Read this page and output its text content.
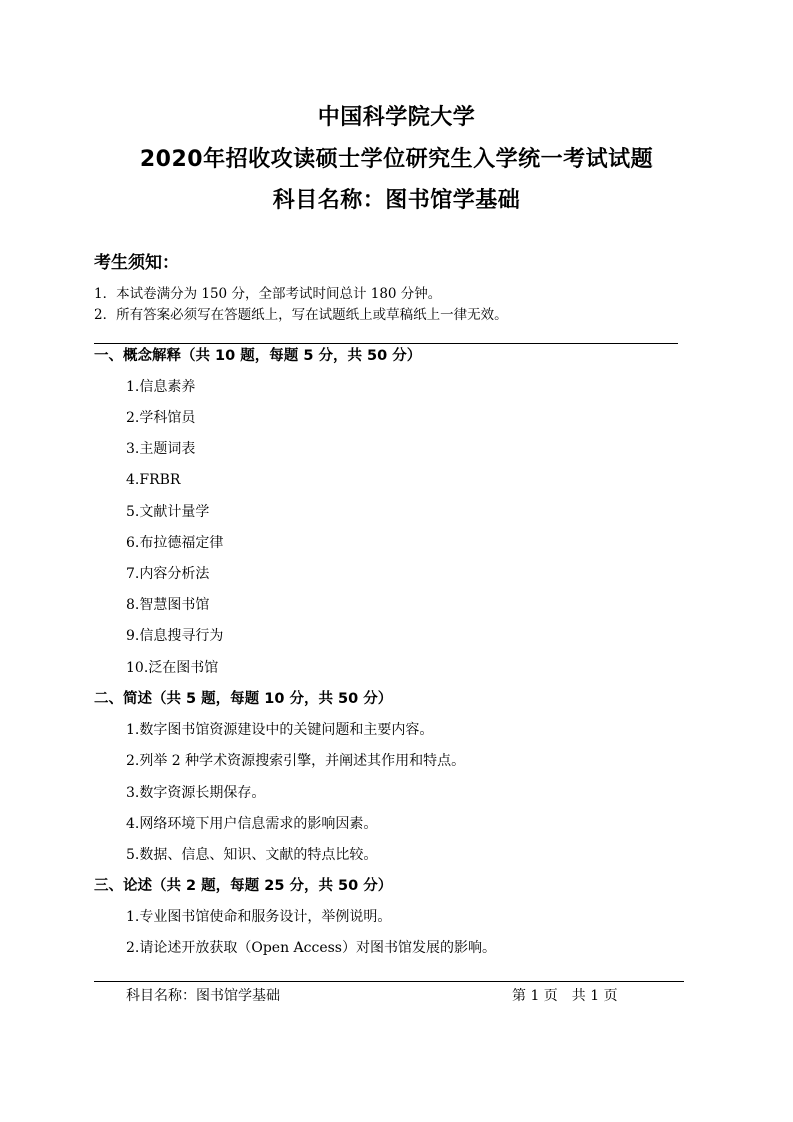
中国科学院大学
2020年招收攻读硕士学位研究生入学统一考试试题
科目名称：图书馆学基础
考生须知：
1．本试卷满分为 150 分，全部考试时间总计 180 分钟。
2．所有答案必须写在答题纸上，写在试题纸上或草稿纸上一律无效。
一、概念解释（共 10 题，每题 5 分，共 50 分）
1.信息素养
2.学科馆员
3.主题词表
4.FRBR
5.文献计量学
6.布拉德福定律
7.内容分析法
8.智慧图书馆
9.信息搜寻行为
10.泛在图书馆
二、简述（共 5 题，每题 10 分，共 50 分）
1.数字图书馆资源建设中的关键问题和主要内容。
2.列举 2 种学术资源搜索引擎，并阐述其作用和特点。
3.数字资源长期保存。
4.网络环境下用户信息需求的影响因素。
5.数据、信息、知识、文献的特点比较。
三、论述（共 2 题，每题 25 分，共 50 分）
1.专业图书馆使命和服务设计，举例说明。
2.请论述开放获取（Open Access）对图书馆发展的影响。
科目名称：图书馆学基础	第 1 页　共 1 页
